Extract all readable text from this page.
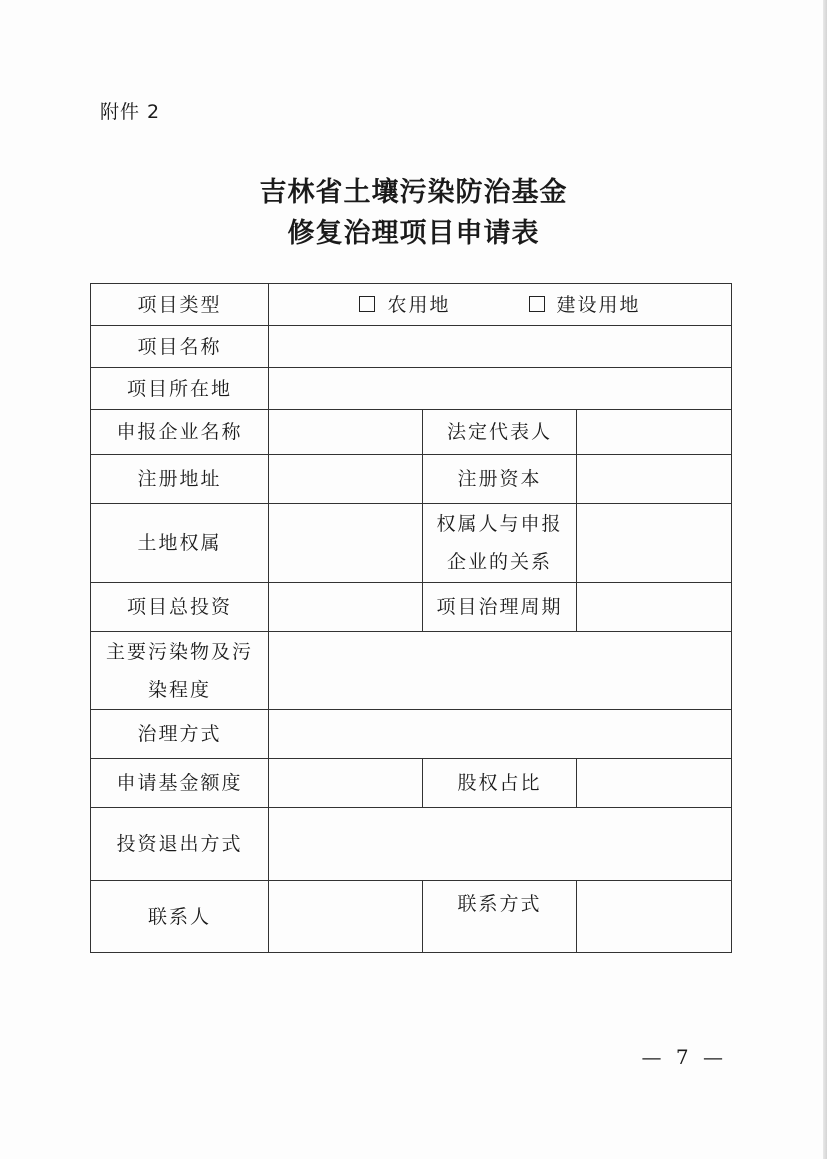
附件 2
吉林省土壤污染防治基金
修复治理项目申请表
项目类型	农用地 建设用地		
项目名称			
项目所在地			
申报企业名称		法定代表人	
注册地址		注册资本	
土地权属		权属人与申报
企业的关系	

项目总投资		项目治理周期	

主要污染物及污
染程度			

治理方式			
申请基金额度		股权占比	
投资退出方式			
联系人		联系方式	
— 7 —
